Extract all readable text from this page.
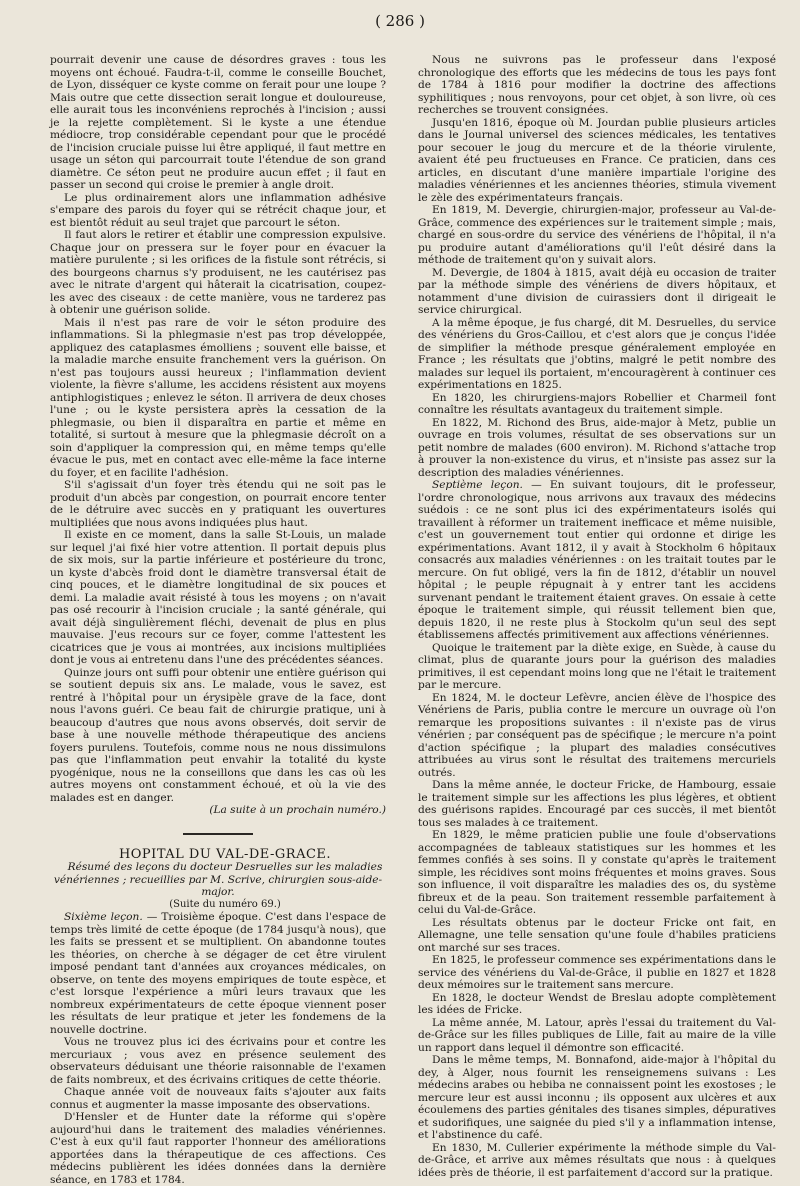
( 286 )

pourrait devenir une cause de désordres graves : tous les moyens ont échoué. Faudra-t-il, comme le conseille Bouchet, de Lyon, disséquer ce kyste comme on ferait pour une loupe ? Mais outre que cette dissection serait longue et douloureuse, elle aurait tous les inconvéniens reprochés à l'incision ; aussi je la rejette complètement. Si le kyste a une étendue médiocre, trop considérable cependant pour que le procédé de l'incision cruciale puisse lui être appliqué, il faut mettre en usage un séton qui parcourrait toute l'étendue de son grand diamètre. Ce séton peut ne produire aucun effet ; il faut en passer un second qui croise le premier à angle droit.

Le plus ordinairement alors une inflammation adhésive s'empare des parois du foyer qui se rétrécit chaque jour, et est bientôt réduit au seul trajet que parcourt le séton.

Il faut alors le retirer et établir une compression expulsive. Chaque jour on pressera sur le foyer pour en évacuer la matière purulente ; si les orifices de la fistule sont rétrécis, si des bourgeons charnus s'y produisent, ne les cautérisez pas avec le nitrate d'argent qui hâterait la cicatrisation, coupez-les avec des ciseaux : de cette manière, vous ne tarderez pas à obtenir une guérison solide.

Mais il n'est pas rare de voir le séton produire des inflammations. Si la phlegmasie n'est pas trop développée, appliquez des cataplasmes émolliens ; souvent elle baisse, et la maladie marche ensuite franchement vers la guérison. On n'est pas toujours aussi heureux ; l'inflammation devient violente, la fièvre s'allume, les accidens résistent aux moyens antiphlogistiques ; enlevez le séton. Il arrivera de deux choses l'une ; ou le kyste persistera après la cessation de la phlegmasie, ou bien il disparaîtra en partie et même en totalité, si surtout à mesure que la phlegmasie décroît on a soin d'appliquer la compression qui, en même temps qu'elle évacue le pus, met en contact avec elle-même la face interne du foyer, et en facilite l'adhésion.

S'il s'agissait d'un foyer très étendu qui ne soit pas le produit d'un abcès par congestion, on pourrait encore tenter de le détruire avec succès en y pratiquant les ouvertures multipliées que nous avons indiquées plus haut.

Il existe en ce moment, dans la salle St-Louis, un malade sur lequel j'ai fixé hier votre attention. Il portait depuis plus de six mois, sur la partie inférieure et postérieure du tronc, un kyste d'abcès froid dont le diamètre transversal était de cinq pouces, et le diamètre longitudinal de six pouces et demi. La maladie avait résisté à tous les moyens ; on n'avait pas osé recourir à l'incision cruciale ; la santé générale, qui avait déjà singulièrement fléchi, devenait de plus en plus mauvaise. J'eus recours sur ce foyer, comme l'attestent les cicatrices que je vous ai montrées, aux incisions multipliées dont je vous ai entretenu dans l'une des précédentes séances.

Quinze jours ont suffi pour obtenir une entière guérison qui se soutient depuis six ans. Le malade, vous le savez, est rentré à l'hôpital pour un érysipèle grave de la face, dont nous l'avons guéri. Ce beau fait de chirurgie pratique, uni à beaucoup d'autres que nous avons observés, doit servir de base à une nouvelle méthode thérapeutique des anciens foyers purulens. Toutefois, comme nous ne nous dissimulons pas que l'inflammation peut envahir la totalité du kyste pyogénique, nous ne la conseillons que dans les cas où les autres moyens ont constamment échoué, et où la vie des malades est en danger.

(La suite à un prochain numéro.)

HOPITAL DU VAL-DE-GRACE.

Résumé des leçons du docteur Desruelles sur les maladies vénériennes ; recueillies par M. Scrive, chirurgien sous-aide-major.

(Suite du numéro 69.)

Sixième leçon. — Troisième époque. C'est dans l'espace de temps très limité de cette époque (de 1784 jusqu'à nous), que les faits se pressent et se multiplient. On abandonne toutes les théories, on cherche à se dégager de cet être virulent imposé pendant tant d'années aux croyances médicales, on observe, on tente des moyens empiriques de toute espèce, et c'est lorsque l'expérience a mûri leurs travaux que les nombreux expérimentateurs de cette époque viennent poser les résultats de leur pratique et jeter les fondemens de la nouvelle doctrine.

Vous ne trouvez plus ici des écrivains pour et contre les mercuriaux ; vous avez en présence seulement des observateurs déduisant une théorie raisonnable de l'examen de faits nombreux, et des écrivains critiques de cette théorie.

Chaque année voit de nouveaux faits s'ajouter aux faits connus et augmenter la masse imposante des observations.

D'Hensler et de Hunter date la réforme qui s'opère aujourd'hui dans le traitement des maladies vénériennes. C'est à eux qu'il faut rapporter l'honneur des améliorations apportées dans la thérapeutique de ces affections. Ces médecins publièrent les idées données dans la dernière séance, en 1783 et 1784.

Nous ne suivrons pas le professeur dans l'exposé chronologique des efforts que les médecins de tous les pays font de 1784 à 1816 pour modifier la doctrine des affections syphilitiques ; nous renvoyons, pour cet objet, à son livre, où ces recherches se trouvent consignées.

Jusqu'en 1816, époque où M. Jourdan publie plusieurs articles dans le Journal universel des sciences médicales, les tentatives pour secouer le joug du mercure et de la théorie virulente, avaient été peu fructueuses en France. Ce praticien, dans ces articles, en discutant d'une manière impartiale l'origine des maladies vénériennes et les anciennes théories, stimula vivement le zèle des expérimentateurs français.

En 1819, M. Devergie, chirurgien-major, professeur au Val-de-Grâce, commence des expériences sur le traitement simple ; mais, chargé en sous-ordre du service des vénériens de l'hôpital, il n'a pu produire autant d'améliorations qu'il l'eût désiré dans la méthode de traitement qu'on y suivait alors.

M. Devergie, de 1804 à 1815, avait déjà eu occasion de traiter par la méthode simple des vénériens de divers hôpitaux, et notamment d'une division de cuirassiers dont il dirigeait le service chirurgical.

A la même époque, je fus chargé, dit M. Desruelles, du service des vénériens du Gros-Caillou, et c'est alors que je conçus l'idée de simplifier la méthode presque généralement employée en France ; les résultats que j'obtins, malgré le petit nombre des malades sur lequel ils portaient, m'encouragèrent à continuer ces expérimentations en 1825.

En 1820, les chirurgiens-majors Robellier et Charmeil font connaître les résultats avantageux du traitement simple.

En 1822, M. Richond des Brus, aide-major à Metz, publie un ouvrage en trois volumes, résultat de ses observations sur un petit nombre de malades (600 environ). M. Richond s'attache trop à prouver la non-existence du virus, et n'insiste pas assez sur la description des maladies vénériennes.

Septième leçon. — En suivant toujours, dit le professeur, l'ordre chronologique, nous arrivons aux travaux des médecins suédois : ce ne sont plus ici des expérimentateurs isolés qui travaillent à réformer un traitement inefficace et même nuisible, c'est un gouvernement tout entier qui ordonne et dirige les expérimentations. Avant 1812, il y avait à Stockholm 6 hôpitaux consacrés aux maladies vénériennes : on les traitait toutes par le mercure. On fut obligé, vers la fin de 1812, d'établir un nouvel hôpital ; le peuple répugnait à y entrer tant les accidens survenant pendant le traitement étaient graves. On essaie à cette époque le traitement simple, qui réussit tellement bien que, depuis 1820, il ne reste plus à Stockolm qu'un seul des sept établissemens affectés primitivement aux affections vénériennes.

Quoique le traitement par la diète exige, en Suède, à cause du climat, plus de quarante jours pour la guérison des maladies primitives, il est cependant moins long que ne l'était le traitement par le mercure.

En 1824, M. le docteur Lefèvre, ancien élève de l'hospice des Vénériens de Paris, publia contre le mercure un ouvrage où l'on remarque les propositions suivantes : il n'existe pas de virus vénérien ; par conséquent pas de spécifique ; le mercure n'a point d'action spécifique ; la plupart des maladies consécutives attribuées au virus sont le résultat des traitemens mercuriels outrés.

Dans la même année, le docteur Fricke, de Hambourg, essaie le traitement simple sur les affections les plus légères, et obtient des guérisons rapides. Encouragé par ces succès, il met bientôt tous ses malades à ce traitement.

En 1829, le même praticien publie une foule d'observations accompagnées de tableaux statistiques sur les hommes et les femmes confiés à ses soins. Il y constate qu'après le traitement simple, les récidives sont moins fréquentes et moins graves. Sous son influence, il voit disparaître les maladies des os, du système fibreux et de la peau. Son traitement ressemble parfaitement à celui du Val-de-Grâce.

Les résultats obtenus par le docteur Fricke ont fait, en Allemagne, une telle sensation qu'une foule d'habiles praticiens ont marché sur ses traces.

En 1825, le professeur commence ses expérimentations dans le service des vénériens du Val-de-Grâce, il publie en 1827 et 1828 deux mémoires sur le traitement sans mercure.

En 1828, le docteur Wendst de Breslau adopte complètement les idées de Fricke.

La même année, M. Latour, après l'essai du traitement du Val-de-Grâce sur les filles publiques de Lille, fait au maire de la ville un rapport dans lequel il démontre son efficacité.

Dans le même temps, M. Bonnafond, aide-major à l'hôpital du dey, à Alger, nous fournit les renseignemens suivans : Les médecins arabes ou hebiba ne connaissent point les exostoses ; le mercure leur est aussi inconnu ; ils opposent aux ulcères et aux écoulemens des parties génitales des tisanes simples, dépuratives et sudorifiques, une saignée du pied s'il y a inflammation intense, et l'abstinence du café.

En 1830, M. Cullerier expérimente la méthode simple du Val-de-Grâce, et arrive aux mêmes résultats que nous : à quelques idées près de théorie, il est parfaitement d'accord sur la pratique.
